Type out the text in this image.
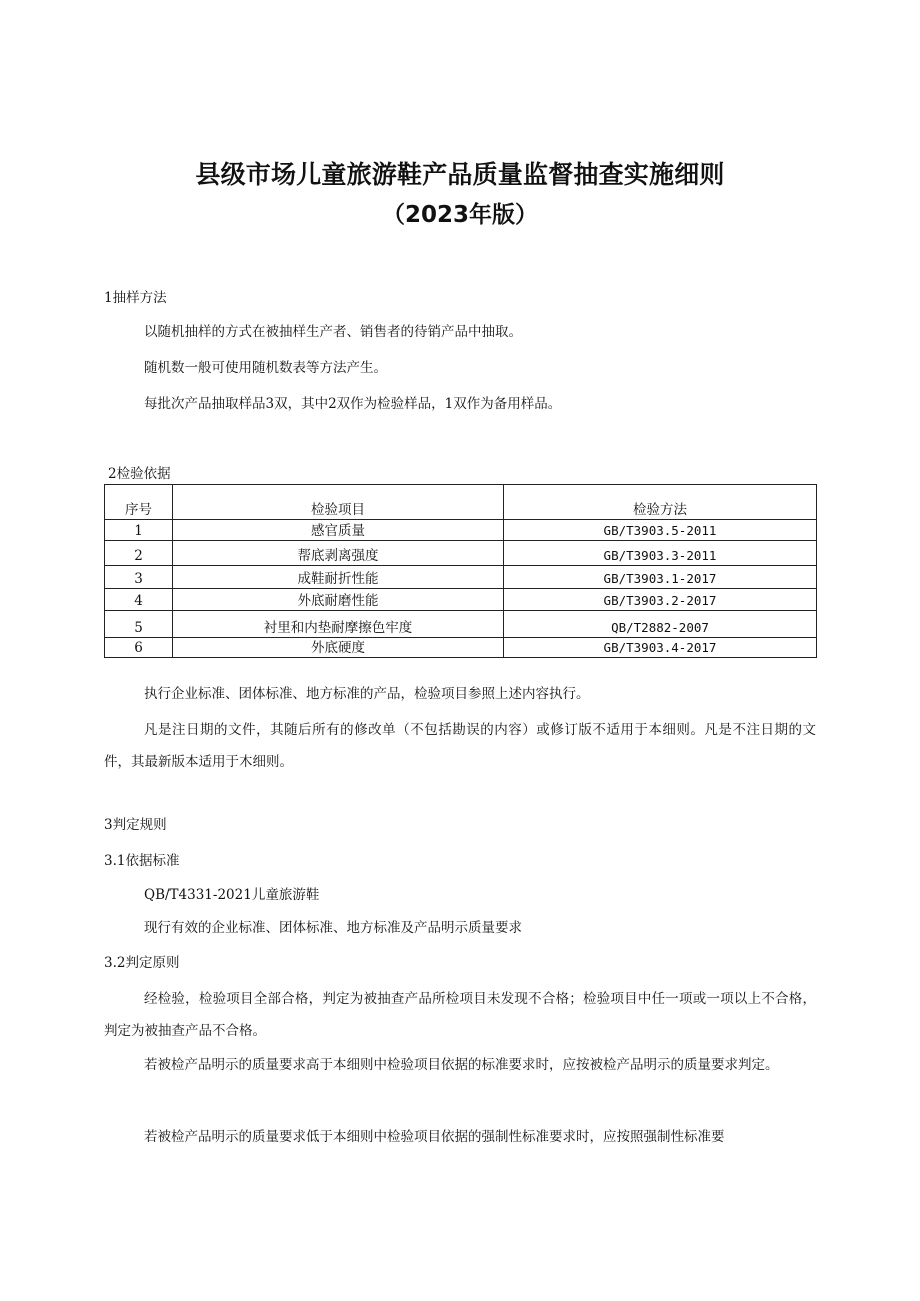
县级市场儿童旅游鞋产品质量监督抽查实施细则
（2023年版）
1抽样方法
以随机抽样的方式在被抽样生产者、销售者的待销产品中抽取。
随机数一般可使用随机数表等方法产生。
每批次产品抽取样品3双，其中2双作为检验样品，1双作为备用样品。
2检验依据
序号	检验项目	检验方法
1	感官质量	GB/T3903.5-2011
2	帮底剥离强度	GB/T3903.3-2011
3	成鞋耐折性能	GB/T3903.1-2017
4	外底耐磨性能	GB/T3903.2-2017
5	衬里和内垫耐摩擦色牢度	QB/T2882-2007
6	外底硬度	GB/T3903.4-2017
执行企业标准、团体标准、地方标准的产品，检验项目参照上述内容执行。
凡是注日期的文件，其随后所有的修改单（不包括勘误的内容）或修订版不适用于本细则。凡是不注日期的文件，其最新版本适用于木细则。
3判定规则
3.1依据标准
QB/T4331-2021儿童旅游鞋
现行有效的企业标准、团体标准、地方标准及产品明示质量要求
3.2判定原则
经检验，检验项目全部合格，判定为被抽查产品所检项目未发现不合格；检验项目中任一项或一项以上不合格，判定为被抽查产品不合格。
若被检产品明示的质量要求高于本细则中检验项目依据的标准要求时，应按被检产品明示的质量要求判定。
若被检产品明示的质量要求低于本细则中检验项目依据的强制性标准要求时，应按照强制性标准要
